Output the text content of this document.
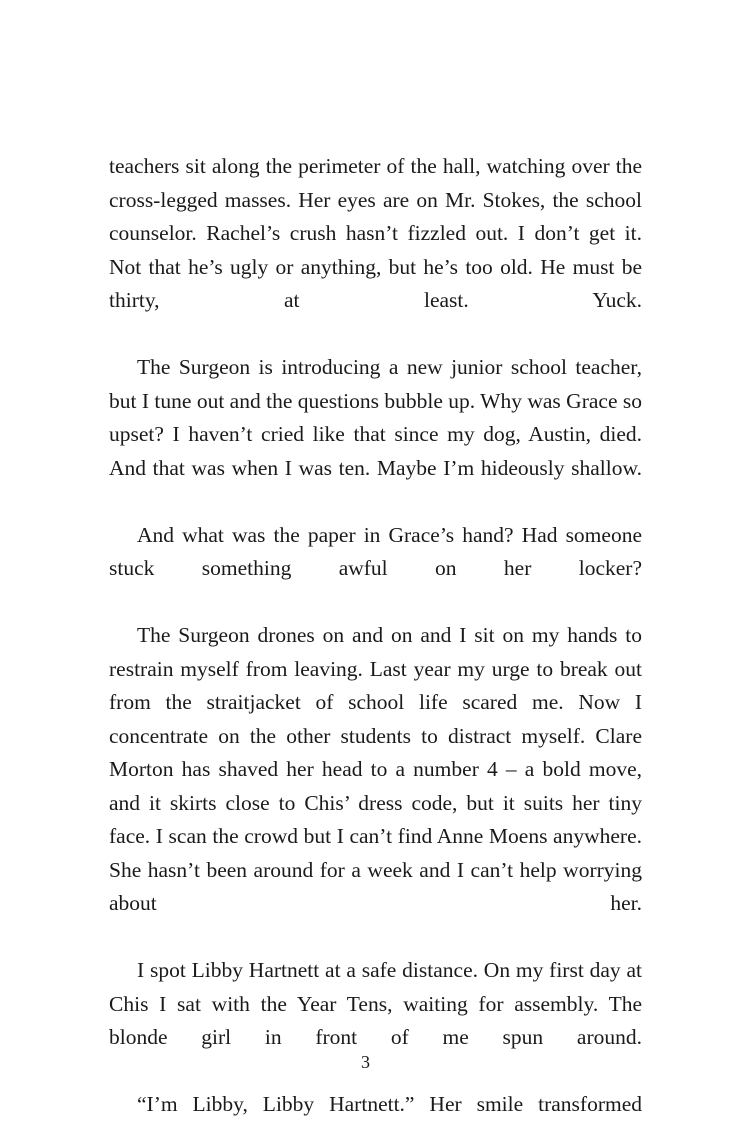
teachers sit along the perimeter of the hall, watching over the cross-legged masses. Her eyes are on Mr. Stokes, the school counselor. Rachel’s crush hasn’t fizzled out. I don’t get it. Not that he’s ugly or anything, but he’s too old. He must be thirty, at least. Yuck.

The Surgeon is introducing a new junior school teacher, but I tune out and the questions bubble up. Why was Grace so upset? I haven’t cried like that since my dog, Austin, died. And that was when I was ten. Maybe I’m hideously shallow.

And what was the paper in Grace’s hand? Had someone stuck something awful on her locker?

The Surgeon drones on and on and I sit on my hands to restrain myself from leaving. Last year my urge to break out from the straitjacket of school life scared me. Now I concentrate on the other students to distract myself. Clare Morton has shaved her head to a number 4 – a bold move, and it skirts close to Chis’ dress code, but it suits her tiny face. I scan the crowd but I can’t find Anne Moens anywhere. She hasn’t been around for a week and I can’t help worrying about her.

I spot Libby Hartnett at a safe distance. On my first day at Chis I sat with the Year Tens, waiting for assembly. The blonde girl in front of me spun around.

“I’m Libby, Libby Hartnett.” Her smile transformed

3
